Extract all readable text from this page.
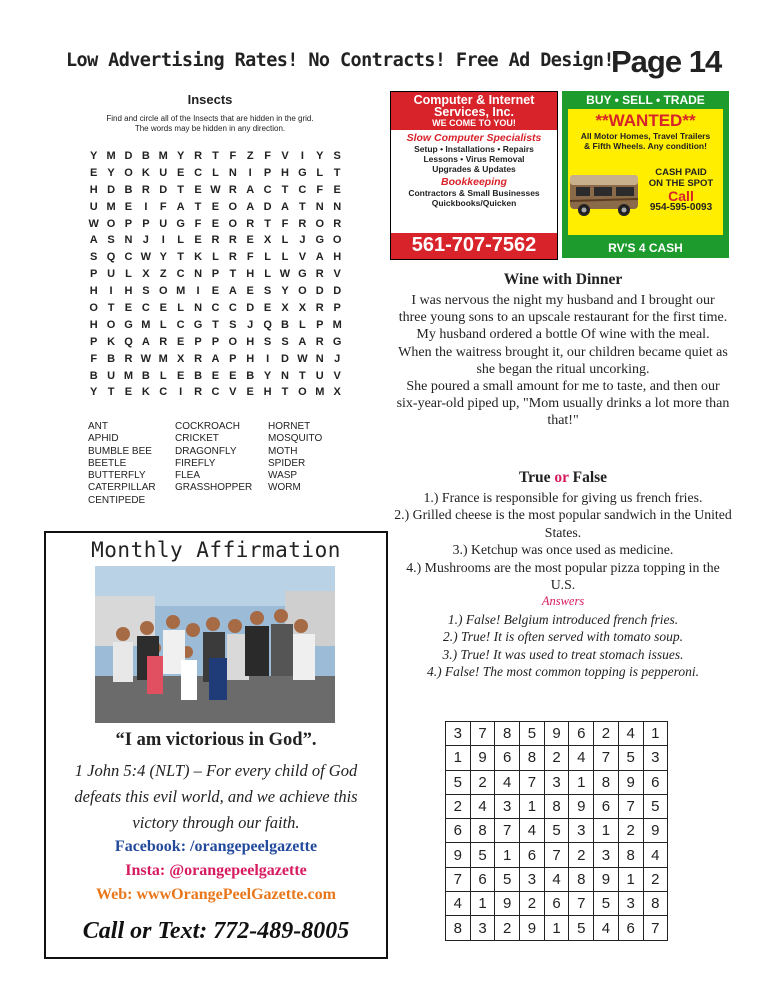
Low Advertising Rates! No Contracts! Free Ad Design!
Page 14
Insects
Find and circle all of the Insects that are hidden in the grid.
The words may be hidden in any direction.
Y M D B M Y R T F Z F V I Y S
E Y O K U E C L N I P H G L T
H D B R D T E W R A C T C F E
U M E I F A T E O A D A T N N
W O P P U G F E O R T F R O R
A S N J I L E R R E X L J G O
S Q C W Y T K L R F L L V A H
P U L X Z C N P T H L W G R V
H I H S O M I E A E S Y O D D
O T E C E L N C C D E X X R P
H O G M L C G T S J Q B L P M
P K Q A R E P P O H S S A R G
F B R W M X R A P H I D W N J
B U M B L E B E E B Y N T U V
Y T E K C I R C V E H T O M X
ANT
APHID
BUMBLE BEE
BEETLE
BUTTERFLY
CATERPILLAR
CENTIPEDE
COCKROACH
CRICKET
DRAGONFLY
FIREFLY
FLEA
GRASSHOPPER
HORNET
MOSQUITO
MOTH
SPIDER
WASP
WORM
Computer & Internet
Services, Inc.
WE COME TO YOU!
Slow Computer Specialists
Setup • Installations • Repairs
Lessons • Virus Removal
Upgrades & Updates
Bookkeeping
Contractors & Small Businesses
Quickbooks/Quicken
561-707-7562
BUY • SELL • TRADE
**WANTED**
All Motor Homes, Travel Trailers
& Fifth Wheels. Any condition!
CASH PAID
ON THE SPOT
Call
954-595-0093
RV'S 4 CASH
Wine with Dinner

I was nervous the night my husband and I brought our three young sons to an upscale restaurant for the first time. My husband ordered a bottle Of wine with the meal.

When the waitress brought it, our children became quiet as she began the ritual uncorking.

She poured a small amount for me to taste, and then our six-year-old piped up, "Mom usually drinks a lot more than that!"

True or False

1.) France is responsible for giving us french fries.

2.) Grilled cheese is the most popular sandwich in the United States.

3.) Ketchup was once used as medicine.

4.) Mushrooms are the most popular pizza topping in the U.S.

Answers

1.) False! Belgium introduced french fries.

2.) True! It is often served with tomato soup.

3.) True! It was used to treat stomach issues.

4.) False! The most common topping is pepperoni.

Monthly Affirmation
“I am victorious in God”.
1 John 5:4 (NLT) – For every child of God defeats this evil world, and we achieve this victory through our faith.
Facebook: /orangepeelgazette
Insta: @orangepeelgazette
Web: wwwOrangePeelGazette.com
Call or Text: 772-489-8005
3	7	8	5	9	6	2	4	1
1	9	6	8	2	4	7	5	3
5	2	4	7	3	1	8	9	6
2	4	3	1	8	9	6	7	5
6	8	7	4	5	3	1	2	9
9	5	1	6	7	2	3	8	4
7	6	5	3	4	8	9	1	2
4	1	9	2	6	7	5	3	8
8	3	2	9	1	5	4	6	7
